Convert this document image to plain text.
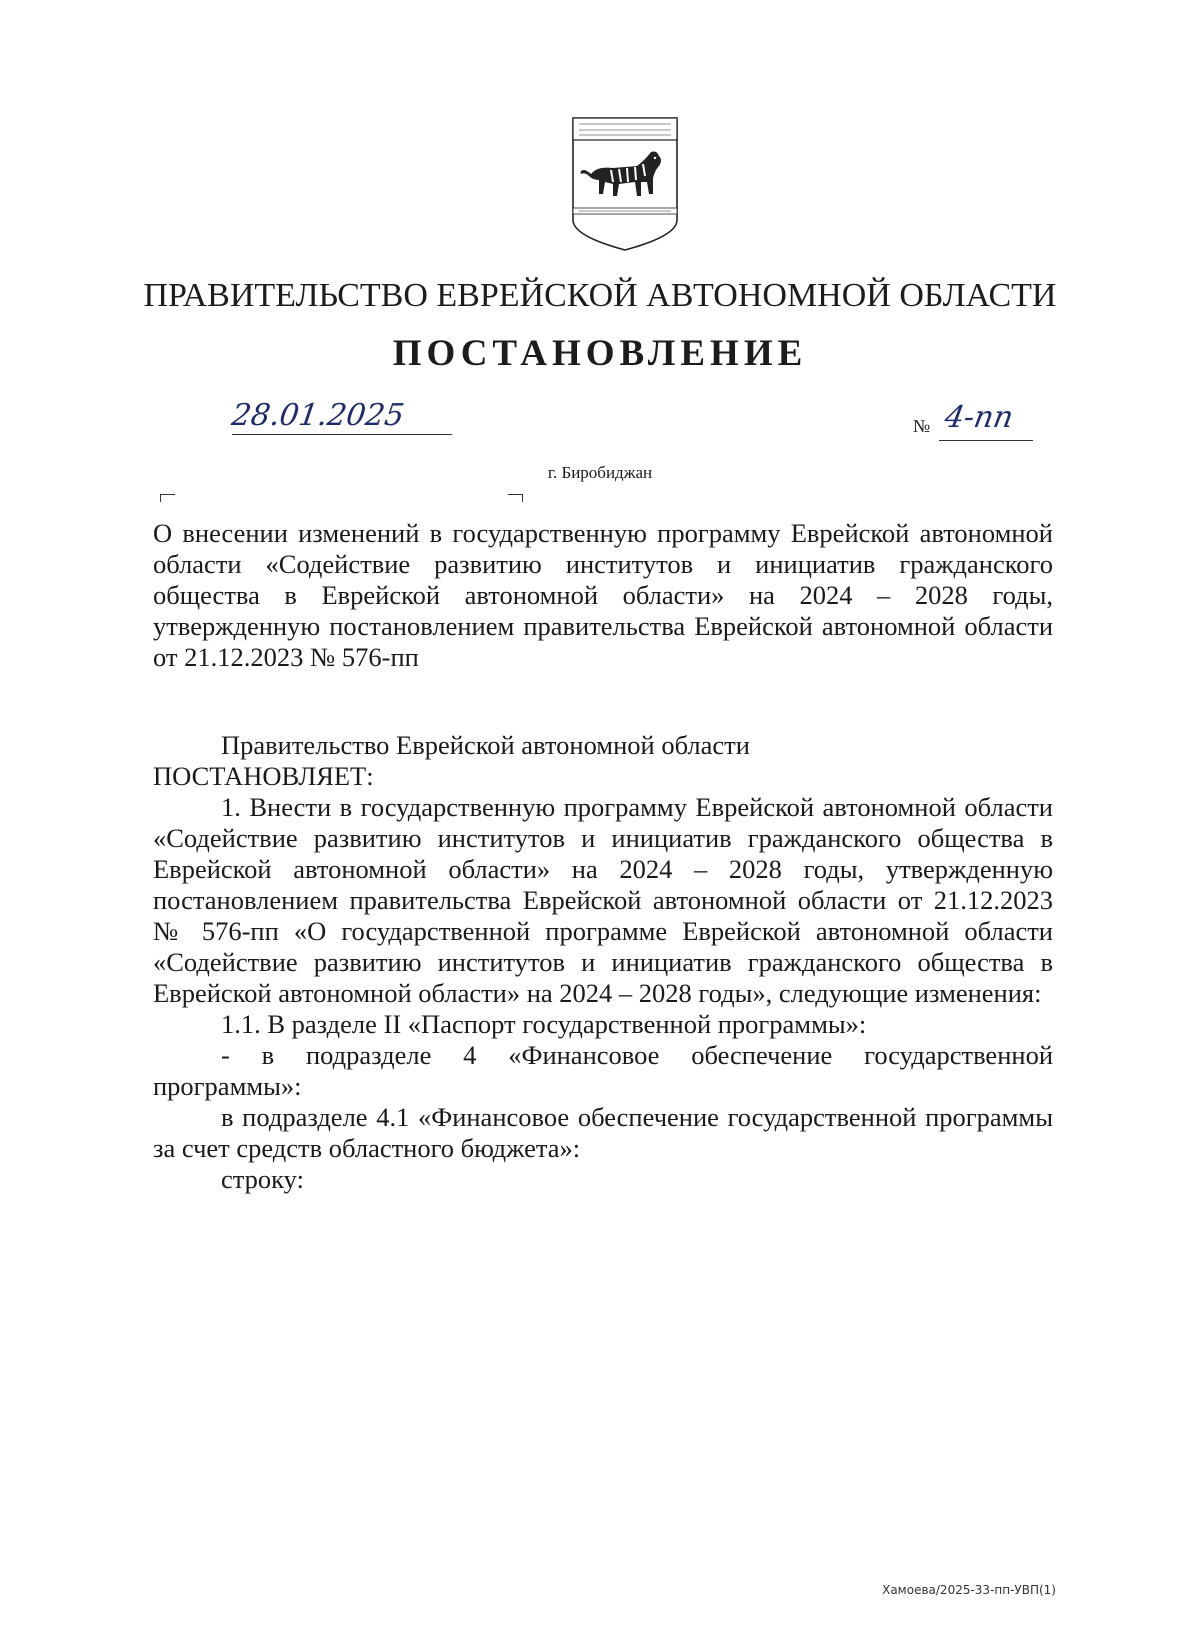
ПРАВИТЕЛЬСТВО ЕВРЕЙСКОЙ АВТОНОМНОЙ ОБЛАСТИ
ПОСТАНОВЛЕНИЕ
28.01.2025	№ 4-пп
г. Биробиджан
О внесении изменений в государственную программу Еврейской автономной области «Содействие развитию институтов и инициатив гражданского общества в Еврейской автономной области» на 2024 – 2028 годы, утвержденную постановлением правительства Еврейской автономной области от 21.12.2023 № 576-пп

Правительство Еврейской автономной области

ПОСТАНОВЛЯЕТ:

1. Внести в государственную программу Еврейской автономной области «Содействие развитию институтов и инициатив гражданского общества в Еврейской автономной области» на 2024 – 2028 годы, утвержденную постановлением правительства Еврейской автономной области от 21.12.2023 № 576-пп «О государственной программе Еврейской автономной области «Содействие развитию институтов и инициатив гражданского общества в Еврейской автономной области» на 2024 – 2028 годы», следующие изменения:

1.1. В разделе II «Паспорт государственной программы»:

- в подразделе 4 «Финансовое обеспечение государственной программы»:

в подразделе 4.1 «Финансовое обеспечение государственной программы за счет средств областного бюджета»:

строку:

Хамоева/2025-33-пп-УВП(1)
